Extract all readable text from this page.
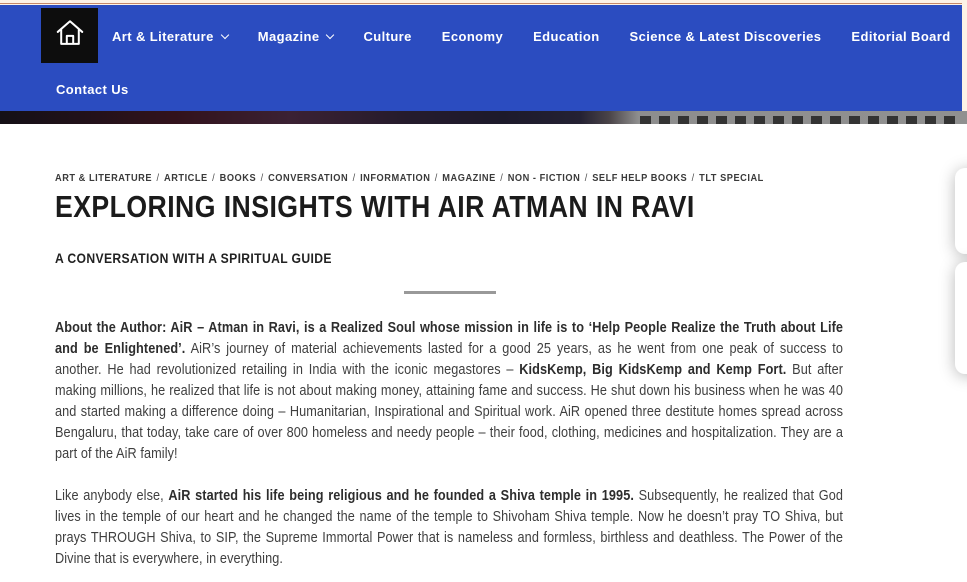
Art & Literature	Magazine	Culture Economy Education Science & Latest Discoveries Editorial Board
Contact Us
ART & LITERATURE / ARTICLE / BOOKS / CONVERSATION / INFORMATION / MAGAZINE / NON - FICTION / SELF HELP BOOKS / TLT SPECIAL
EXPLORING INSIGHTS WITH AIR ATMAN IN RAVI
A CONVERSATION WITH A SPIRITUAL GUIDE

About the Author: AiR – Atman in Ravi, is a Realized Soul whose mission in life is to ‘Help People Realize the Truth about Life and be Enlightened’. AiR’s journey of material achievements lasted for a good 25 years, as he went from one peak of success to another. He had revolutionized retailing in India with the iconic megastores – KidsKemp, Big KidsKemp and Kemp Fort. But after making millions, he realized that life is not about making money, attaining fame and success. He shut down his business when he was 40 and started making a difference doing – Humanitarian, Inspirational and Spiritual work. AiR opened three destitute homes spread across Bengaluru, that today, take care of over 800 homeless and needy people – their food, clothing, medicines and hospitalization. They are a part of the AiR family!

Like anybody else, AiR started his life being religious and he founded a Shiva temple in 1995. Subsequently, he realized that God lives in the temple of our heart and he changed the name of the temple to Shivoham Shiva temple. Now he doesn’t pray TO Shiva, but prays THROUGH Shiva, to SIP, the Supreme Immortal Power that is nameless and formless, birthless and deathless. The Power of the Divine that is everywhere, in everything.
